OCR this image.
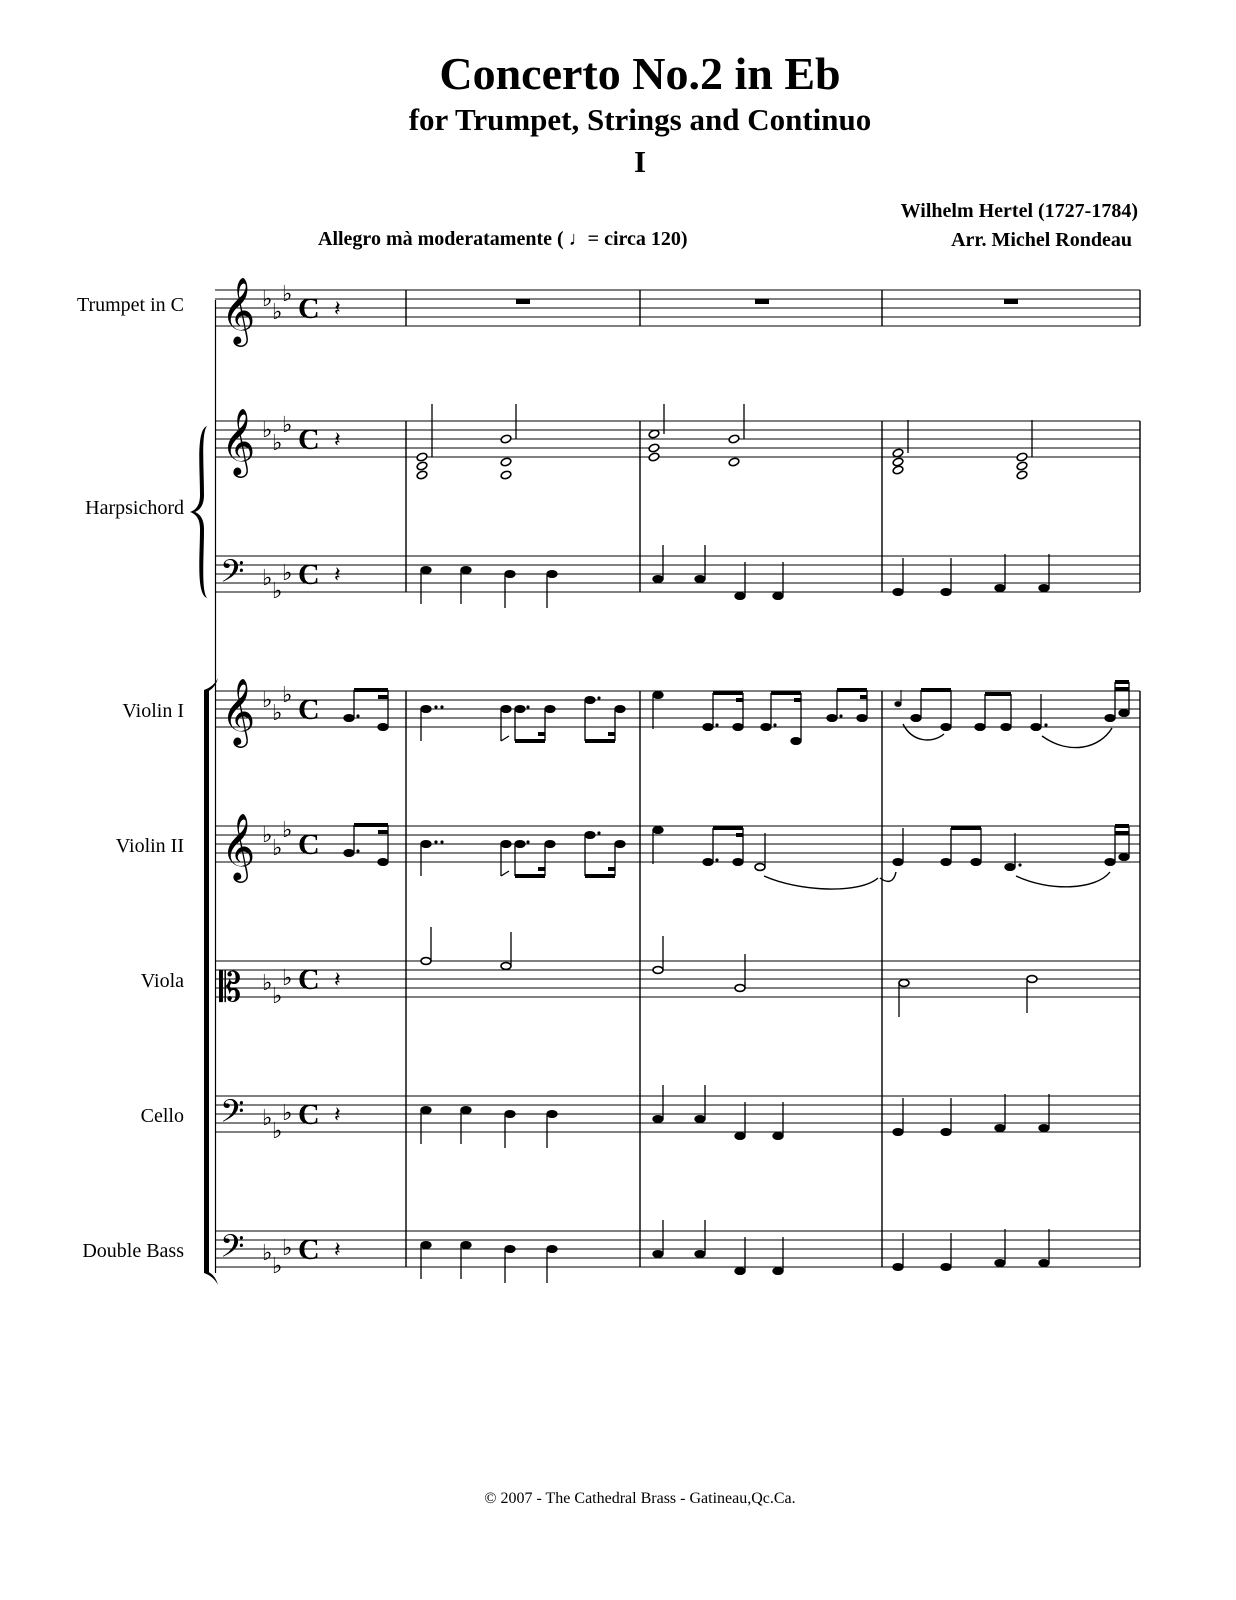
Concerto No.2 in Eb
for Trumpet, Strings and Continuo
I
Wilhelm Hertel (1727-1784)
Arr. Michel Rondeau
Allegro mà moderatamente ( ♩ = circa 120)
Trumpet in C
Harpsichord
Violin I
Violin II
Viola
Cello
Double Bass
𝄞
𝄞
𝄞
𝄞
𝄢
𝄢
𝄢
𝄡
♭
♭
♭
♭
♭
♭
♭
♭
♭
♭
♭
♭
♭
♭
♭
♭
♭
♭
♭
♭
♭
♭
♭
♭
C
C
C
C
C
C
C
C
𝄽
𝄽
𝄽
𝄽
𝄽
𝄽
© 2007 - The Cathedral Brass - Gatineau,Qc.Ca.
